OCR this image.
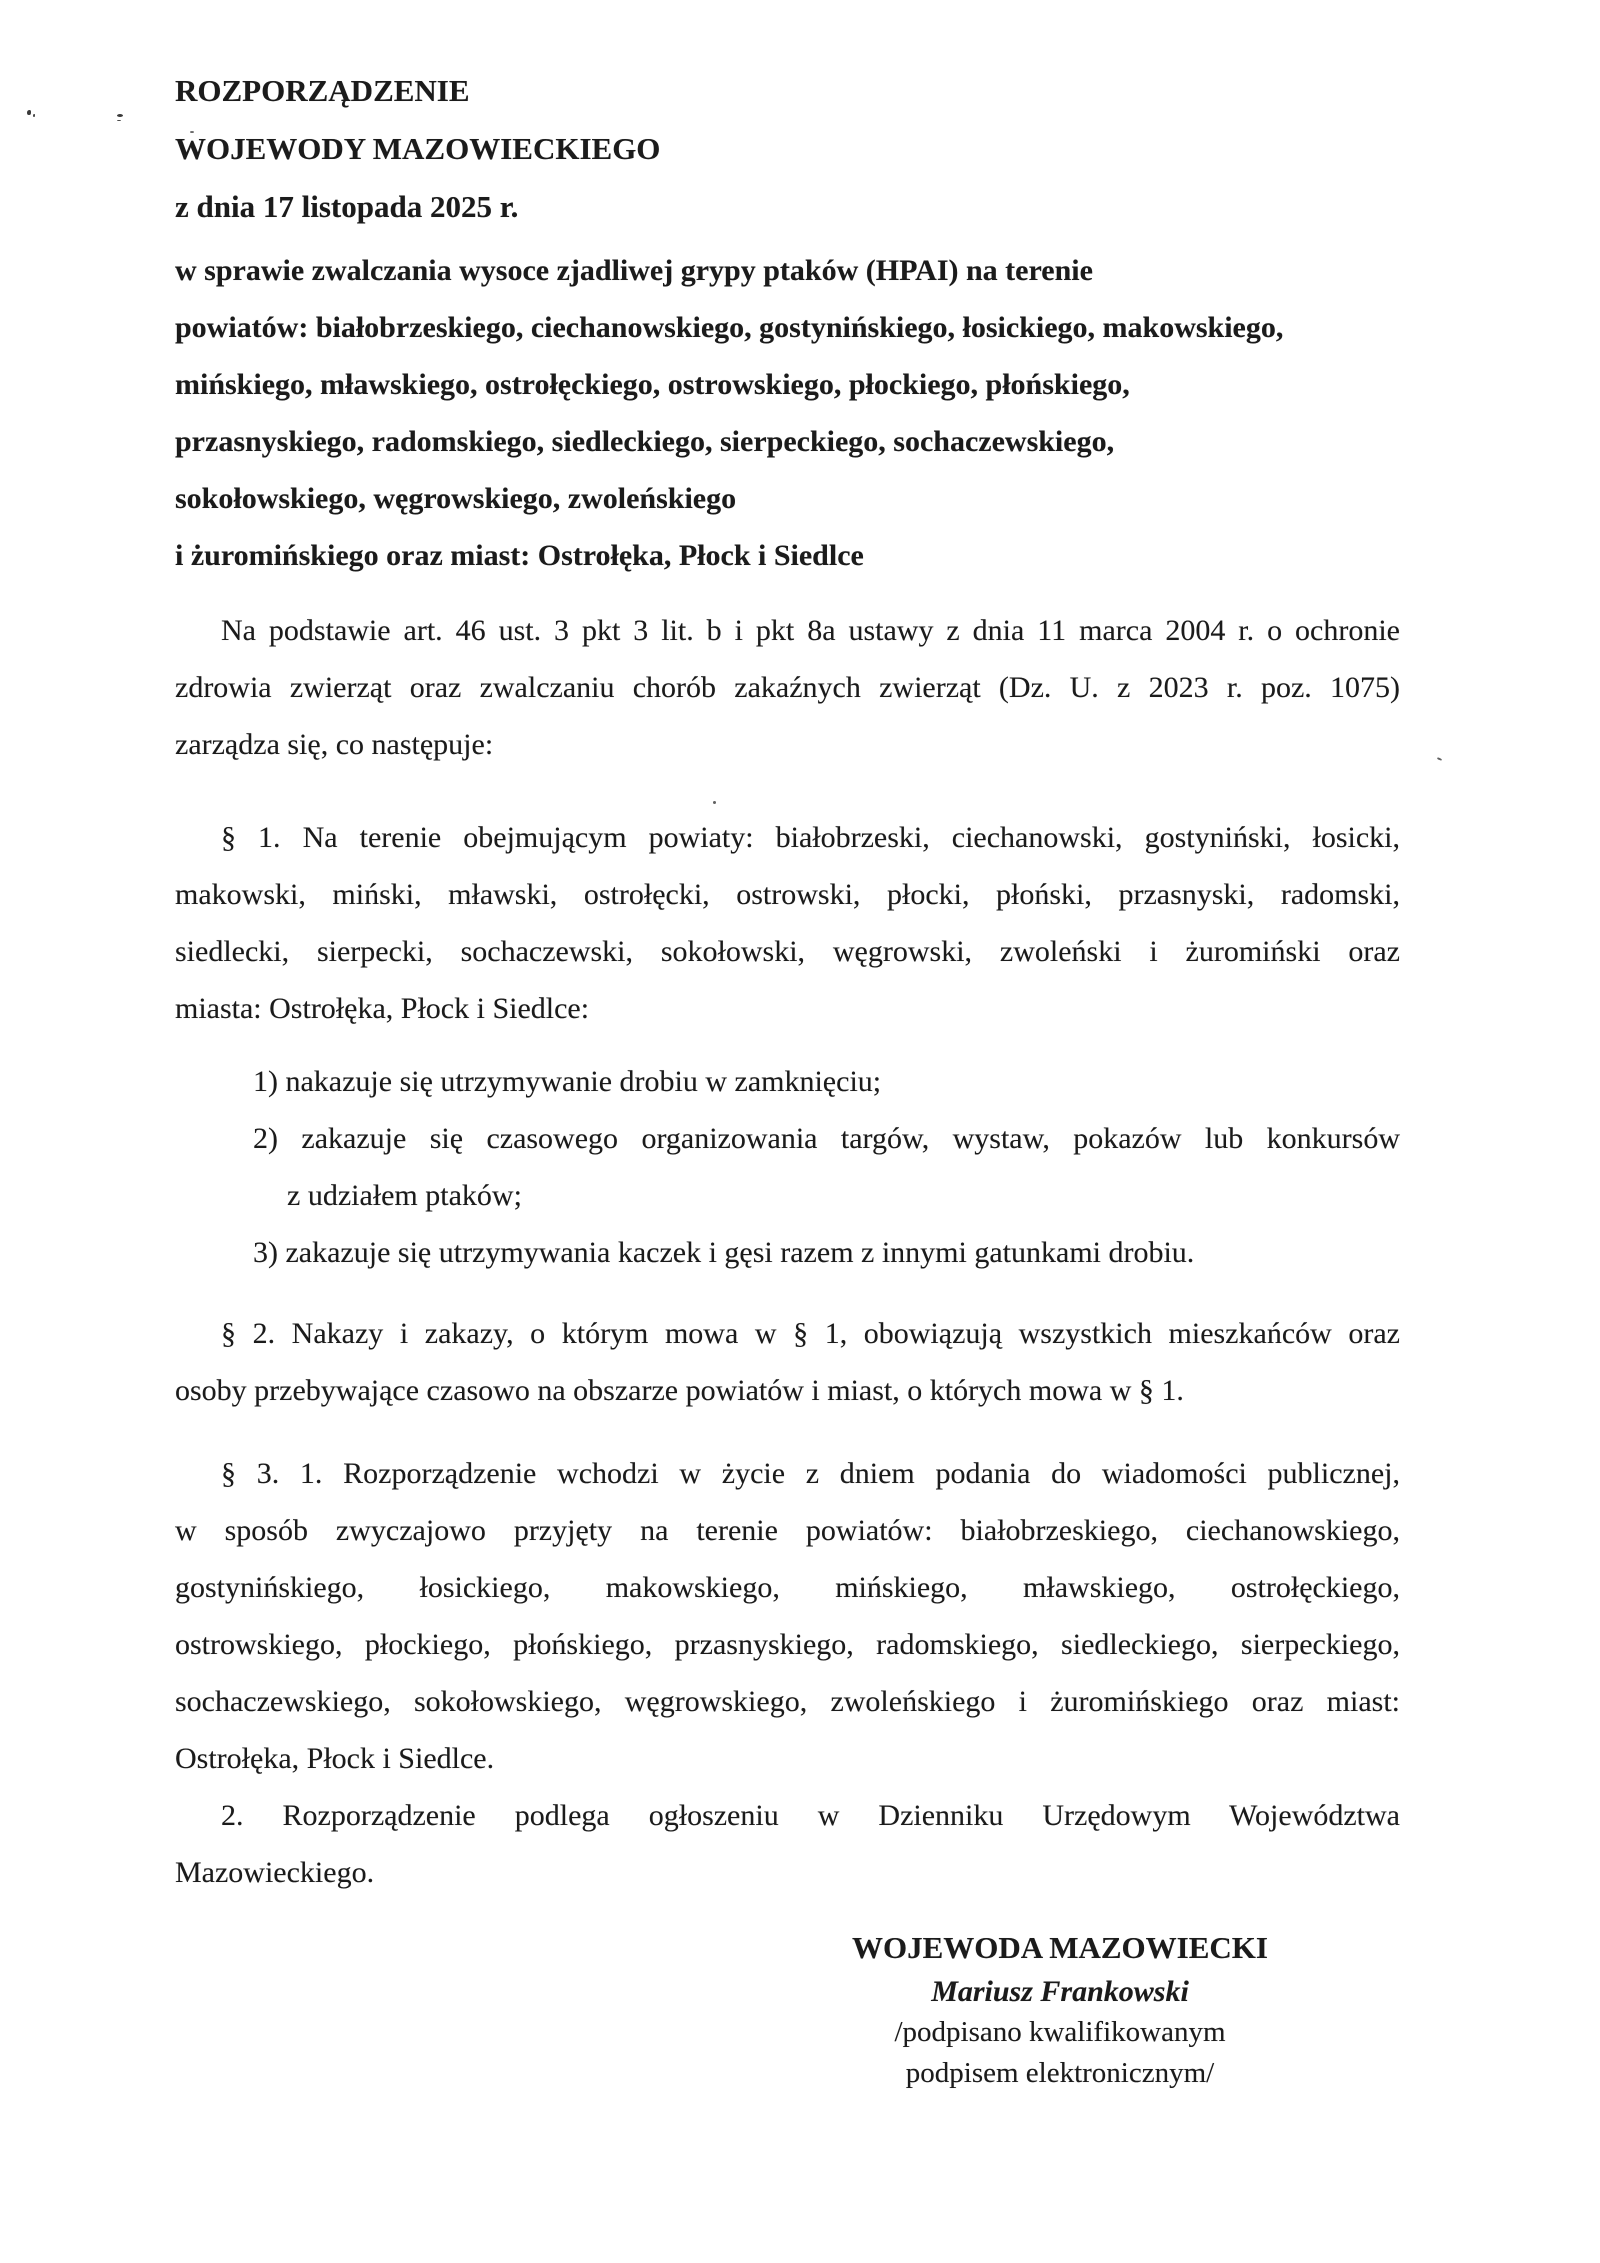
ROZPORZĄDZENIE
WOJEWODY MAZOWIECKIEGO
z dnia 17 listopada 2025 r.
w sprawie zwalczania wysoce zjadliwej grypy ptaków (HPAI) na terenie
powiatów: białobrzeskiego, ciechanowskiego, gostynińskiego, łosickiego, makowskiego,
mińskiego, mławskiego, ostrołęckiego, ostrowskiego, płockiego, płońskiego,
przasnyskiego, radomskiego, siedleckiego, sierpeckiego, sochaczewskiego,
sokołowskiego, węgrowskiego, zwoleńskiego
i żuromińskiego oraz miast: Ostrołęka, Płock i Siedlce
Na podstawie art. 46 ust. 3 pkt 3 lit. b i pkt 8a ustawy z dnia 11 marca 2004 r. o ochronie
zdrowia zwierząt oraz zwalczaniu chorób zakaźnych zwierząt (Dz. U. z 2023 r. poz. 1075)
zarządza się, co następuje:
§ 1. Na terenie obejmującym powiaty: białobrzeski, ciechanowski, gostyniński, łosicki,
makowski, miński, mławski, ostrołęcki, ostrowski, płocki, płoński, przasnyski, radomski,
siedlecki, sierpecki, sochaczewski, sokołowski, węgrowski, zwoleński i żuromiński oraz
miasta: Ostrołęka, Płock i Siedlce:
1) nakazuje się utrzymywanie drobiu w zamknięciu;
2) zakazuje się czasowego organizowania targów, wystaw, pokazów lub konkursów
z udziałem ptaków;
3) zakazuje się utrzymywania kaczek i gęsi razem z innymi gatunkami drobiu.
§ 2. Nakazy i zakazy, o którym mowa w § 1, obowiązują wszystkich mieszkańców oraz
osoby przebywające czasowo na obszarze powiatów i miast, o których mowa w § 1.
§ 3. 1. Rozporządzenie wchodzi w życie z dniem podania do wiadomości publicznej,
w sposób zwyczajowo przyjęty na terenie powiatów: białobrzeskiego, ciechanowskiego,
gostynińskiego, łosickiego, makowskiego, mińskiego, mławskiego, ostrołęckiego,
ostrowskiego, płockiego, płońskiego, przasnyskiego, radomskiego, siedleckiego, sierpeckiego,
sochaczewskiego, sokołowskiego, węgrowskiego, zwoleńskiego i żuromińskiego oraz miast:
Ostrołęka, Płock i Siedlce.
2. Rozporządzenie podlega ogłoszeniu w Dzienniku Urzędowym Województwa
Mazowieckiego.
WOJEWODA MAZOWIECKI
Mariusz Frankowski
/podpisano kwalifikowanym
podpisem elektronicznym/
